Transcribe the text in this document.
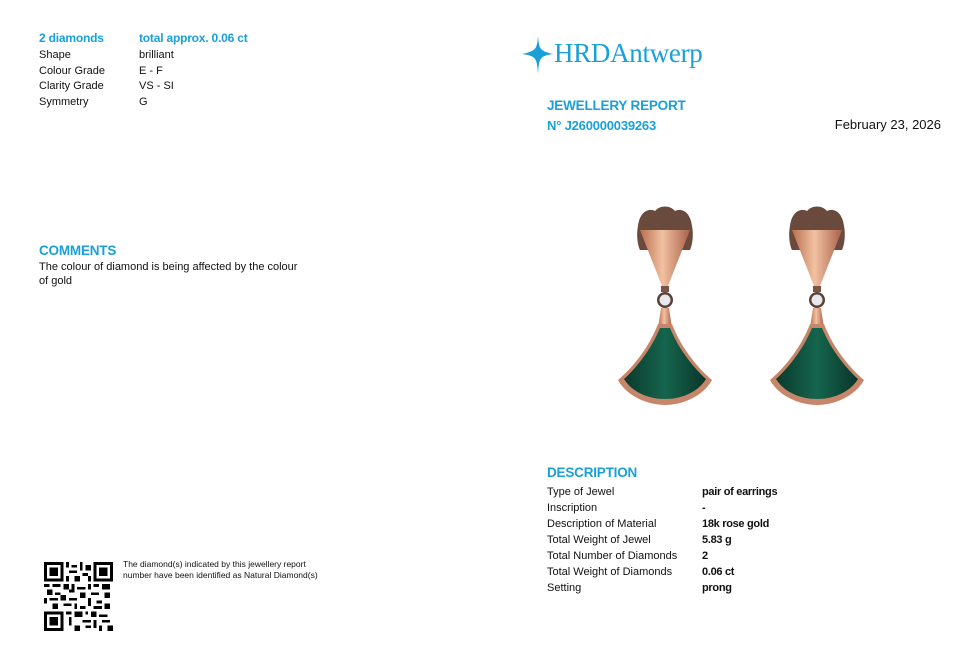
2 diamonds	total approx. 0.06 ct
Shape	brilliant
Colour Grade	E - F
Clarity Grade	VS - SI
Symmetry	G
COMMENTS
The colour of diamond is being affected by the colour of gold
The diamond(s) indicated by this jewellery report number have been identified as Natural Diamond(s)
HRDAntwerp
JEWELLERY REPORT
N° J260000039263	February 23, 2026
DESCRIPTION
Type of Jewel	pair of earrings
Inscription	-
Description of Material	18k rose gold
Total Weight of Jewel	5.83 g
Total Number of Diamonds 2
Total Weight of Diamonds	0.06 ct
Setting	prong
